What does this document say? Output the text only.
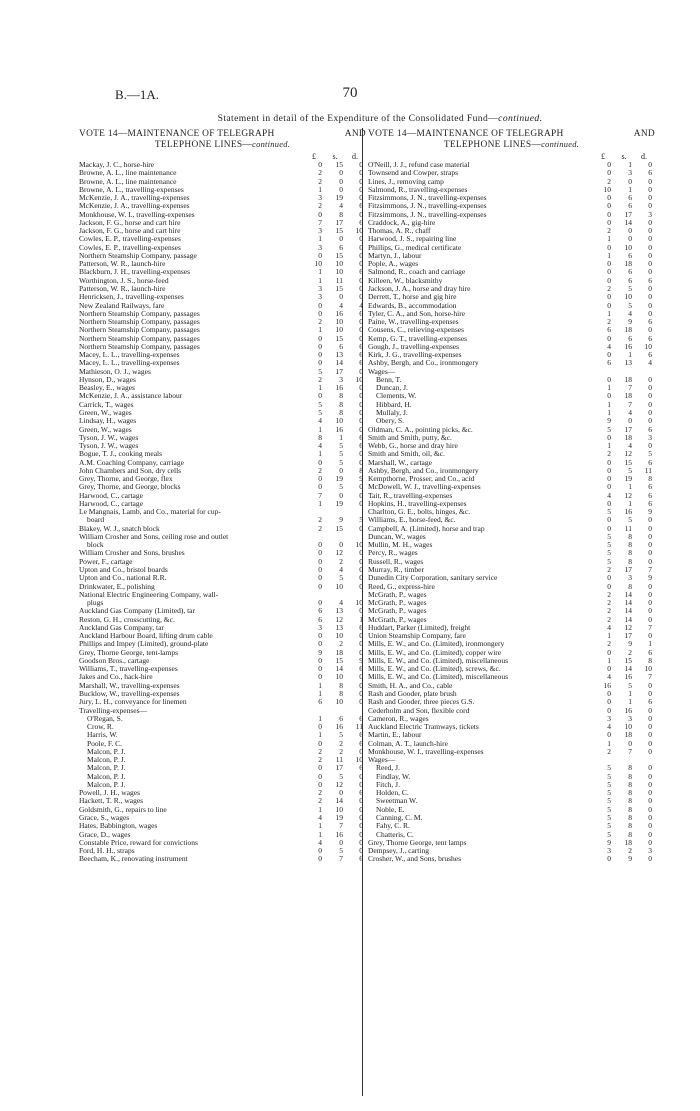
B.—1A.	70
Statement in detail of the Expenditure of the Consolidated Fund—continued.
VOTE 14—MAINTENANCE OF TELEGRAPH	AND
TELEPHONE LINES—continued.
£	s.	d.
Mackay, J. C., horse-hire	0	15	0
Browne, A. L., line maintenance	2	0	0
Browne, A. L., line maintenance	2	0	0
Browne, A. L., travelling-expenses	1	0	0
McKenzie, J. A., travelling-expenses	3	19	0
McKenzie, J. A., travelling-expenses	2	4	6
Monkhouse, W. I., travelling-expenses	0	8	0
Jackson, F. G., horse and cart hire	7	17	6
Jackson, F. G., horse and cart hire	3	15	10
Cowles, E. P., travelling-expenses	1	0	0
Cowles, E. P., travelling-expenses	3	6	0
Northern Steamship Company, passage	0	15	0
Patterson, W. R., launch-hire	10	10	0
Blackburn, J. H., travelling-expenses	1	10	6
Worthington, J. S., horse-feed	1	11	0
Patterson, W. R., launch-hire	3	15	0
Henricksen, J., travelling-expenses	3	0	0
New Zealand Railways, fare	0	4	4
Northern Steamship Company, passages	0	16	6
Northern Steamship Company, passages	2	10	0
Northern Steamship Company, passages	1	10	0
Northern Steamship Company, passages	0	15	0
Northern Steamship Company, passages	0	6	6
Macey, L. L., travelling-expenses	0	13	6
Macey, L. L., travelling-expenses	0	14	6
Mathieson, O. J., wages	5	17	0
Hynson, D., wages	2	3	10
Beasley, E., wages	1	16	0
McKenzie, J. A., assistance labour	0	8	0
Carrick, T., wages	5	8	0
Green, W., wages	5	8	0
Lindsay, H., wages	4	10	0
Green, W., wages	1	16	0
Tyson, J. W., wages	8	1	6
Tyson, J. W., wages	4	5	6
Bogue, T. J., cooking meals	1	5	0
A.M. Coaching Company, carriage	0	5	0
John Chambers and Son, dry cells	2	0	8
Grey, Thorne, and George, flex	0	19	9
Grey, Thorne, and George, blocks	0	5	0
Harwood, C., cartage	7	0	0
Harwood, C., cartage	1	19	0
Le Mangnais, Lamb, and Co., material for cup-
board	2	9	5
Blakey, W. J., snatch block	2	15	0
William Crosher and Sons, ceiling rose and outlet
block	0	0	10
William Crosher and Sons, brushes	0	12	0
Power, F., cartage	0	2	0
Upton and Co., bristol boards	0	4	0
Upton and Co., national R.R.	0	5	0
Drinkwater, E., polishing	0	10	0
National Electric Engineering Company, wall-
plugs	0	4	10
Auckland Gas Company (Limited), tar	6	13	0
Reston, G. H., crosscutting, &c.	6	12	1
Auckland Gas Company, tar	3	13	6
Auckland Harbour Board, lifting drum cable	0	10	0
Phillips and Impey (Limited), ground-plate	0	2	0
Grey, Thorne George, tent-lamps	9	18	0
Goodson Bros., cartage	0	15	9
Williams, T., travelling-expenses	0	14	6
Jakes and Co., hack-hire	0	10	0
Marshall, W., travelling-expenses	1	8	0
Bucklow, W., travelling-expenses	1	8	0
Jury, L. H., conveyance for linemen	6	10	0
Travelling-expenses—
O'Regan, S.	1	6	6
Crow, R.	0	16	11
Harris, W.	1	5	6
Poole, F. C.	0	2	6
Malcon, P. J.	2	2	0
Malcon, P. J.	2	11	10
Malcon, P. J.	0	17	6
Malcon, P. J.	0	5	0
Malcon, P. J.	0	12	0
Powell, J. H., wages	2	0	6
Hackett, T. R., wages	2	14	0
Goldsmith, G., repairs to line	1	10	0
Grace, S., wages	4	19	0
Hates, Babbington, wages	1	7	0
Grace, D., wages	1	16	0
Constable Price, reward for convictions	4	0	0
Ford, H. H., straps	0	5	0
Beecham, K., renovating instrument	0	7	6
VOTE 14—MAINTENANCE OF TELEGRAPH	AND
TELEPHONE LINES—continued.
£	s.	d.
O'Neill, J. J., refund case material	0	1	0
Townsend and Cowper, straps	0	3	6
Lines, J., removing camp	2	0	0
Salmond, R., travelling-expenses	10	1	0
Fitzsimmons, J. N., travelling-expenses	0	6	0
Fitzsimmons, J. N., travelling-expenses	0	6	0
Fitzsimmons, J. N., travelling-expenses	0	17	3
Craddock, A., gig-hire	0	14	0
Thomas, A. R., chaff	2	0	0
Harwood, J. S., repairing line	1	0	0
Phillips, G., medical certificate	0	10	0
Martyn, J., labour	1	6	0
Pople, A., wages	0	18	0
Salmond, R., coach and carriage	0	6	0
Killeen, W., blacksmithy	0	6	6
Jackson, J. A., horse and dray hire	2	5	0
Derrett, T., horse and gig hire	0	10	0
Edwards, B., accommodation	0	5	0
Tyler, C. A., and Son, horse-hire	1	4	0
Paine, W., travelling-expenses	2	9	6
Cousens, C., relieving-expenses	6	18	0
Kemp, G. T., travelling-expenses	0	6	6
Gough, J., travelling-expenses	4	16	10
Kirk, J. G., travelling-expenses	0	1	6
Ashby, Bergh, and Co., ironmongery	6	13	4
Wages—
Benn, T.	0	18	0
Duncan, J.	1	7	0
Clements, W.	0	18	0
Hibbard, H.	1	7	0
Mullaly, J.	1	4	0
Obery, S.	9	0	0
Oldman, C. A., pointing picks, &c.	5	17	6
Smith and Smith, putty, &c.	0	18	3
Webb, G., horse and dray hire	1	4	0
Smith and Smith, oil, &c.	2	12	5
Marshall, W., cartage	0	15	6
Ashby, Bergh, and Co., ironmongery	0	5	11
Kempthorne, Prosser, and Co., acid	0	19	8
McDowell, W. J., travelling-expenses	0	1	6
Tait, R., travelling-expenses	4	12	6
Hopkins, H., travelling-expenses	0	1	6
Charlton, G. E., bolts, hinges, &c.	5	16	9
Williams, E., horse-feed, &c.	0	5	0
Campbell, A. (Limited), horse and trap	0	11	0
Duncan, W., wages	5	8	0
Mullin, M. H., wages	5	8	0
Percy, R., wages	5	8	0
Russell, R., wages	5	8	0
Murray, R., timber	2	17	7
Dunedin City Corporation, sanitary service	0	3	9
Reed, G., express-hire	0	8	0
McGrath, P., wages	2	14	0
McGrath, P., wages	2	14	0
McGrath, P., wages	2	14	0
McGrath, P., wages	2	14	0
Huddart, Parker (Limited), freight	4	12	7
Union Steamship Company, fare	1	17	0
Mills, E. W., and Co. (Limited), ironmongery	2	9	1
Mills, E. W., and Co. (Limited), copper wire	0	2	6
Mills, E. W., and Co. (Limited), miscellaneous	1	15	8
Mills, E. W., and Co. (Limited), screws, &c.	0	14	10
Mills, E. W., and Co. (Limited), miscellaneous	4	16	7
Smith, H. A., and Co., cable	16	5	0
Rash and Gooder, plate brush	0	1	0
Rash and Gooder, three pieces G.S.	0	1	6
Cederholm and Son, flexible cord	0	16	0
Cameron, R., wages	3	3	0
Auckland Electric Tramways, tickets	4	10	0
Martin, E., labour	0	18	0
Colman, A. T., launch-hire	1	0	0
Monkhouse, W. I., travelling-expenses	2	7	0
Wages—
Reed, J.	5	8	0
Findlay, W.	5	8	0
Fitch, J.	5	8	0
Holden, C.	5	8	0
Sweetman W.	5	8	0
Noble, E.	5	8	0
Canning, C. M.	5	8	0
Fahy, C. R.	5	8	0
Chatteris, C.	5	8	0
Grey, Thorne George, tent lamps	9	18	0
Dempsey, J., carting	3	2	3
Crosher, W., and Sons, brushes	0	9	0
